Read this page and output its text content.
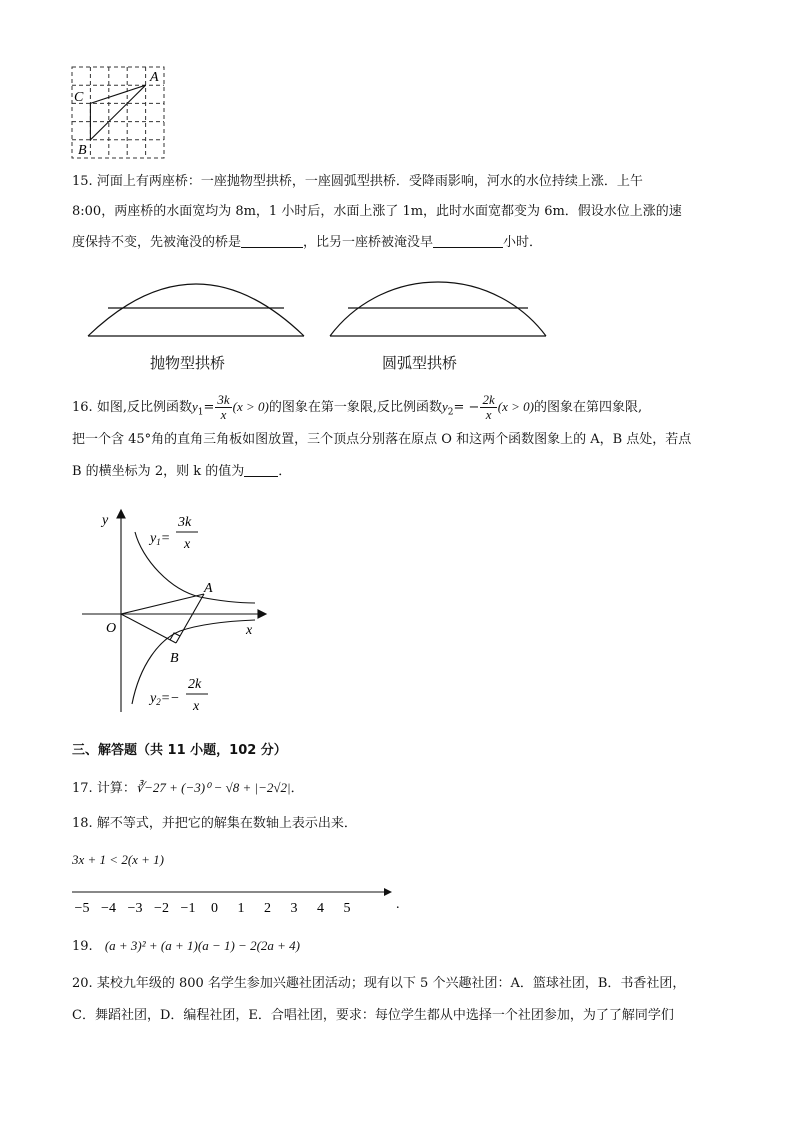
A
C
B
15. 河面上有两座桥：一座抛物型拱桥，一座圆弧型拱桥．受降雨影响，河水的水位持续上涨．上午
8:00，两座桥的水面宽均为 8m，1 小时后，水面上涨了 1m，此时水面宽都变为 6m．假设水位上涨的速
度保持不变，先被淹没的桥是	，比另一座桥被淹没早	小时．
抛物型拱桥	圆弧型拱桥
16. 如图,反比例函数$y_1= \frac{3k}{x} (x > 0)$的图象在第一象限,反比例函数$y_2= - \frac{2k}{x} (x > 0)$的图象在第四象限,
把一个含 45°角的直角三角板如图放置，三个顶点分别落在原点 O 和这两个函数图象上的 A，B 点处，若点
B 的横坐标为 2，则 k 的值为	．
y
x
O
A
B
$y_1=$
3k
x
$y_2=-$
2k
x
三、解答题（共 11 小题，102 分）
17. 计算：∛−27 + (−3)⁰ − √8 + |−2√2|．
18. 解不等式，并把它的解集在数轴上表示出来．
3x + 1 < 2(x + 1)
−5 −4 −3 −2 −1 0 1 2 3 4 5	.
19. (a + 3)² + (a + 1)(a − 1) − 2(2a + 4)
20. 某校九年级的 800 名学生参加兴趣社团活动；现有以下 5 个兴趣社团：A．篮球社团，B．书香社团，
C．舞蹈社团，D．编程社团，E．合唱社团，要求：每位学生都从中选择一个社团参加，为了了解同学们
